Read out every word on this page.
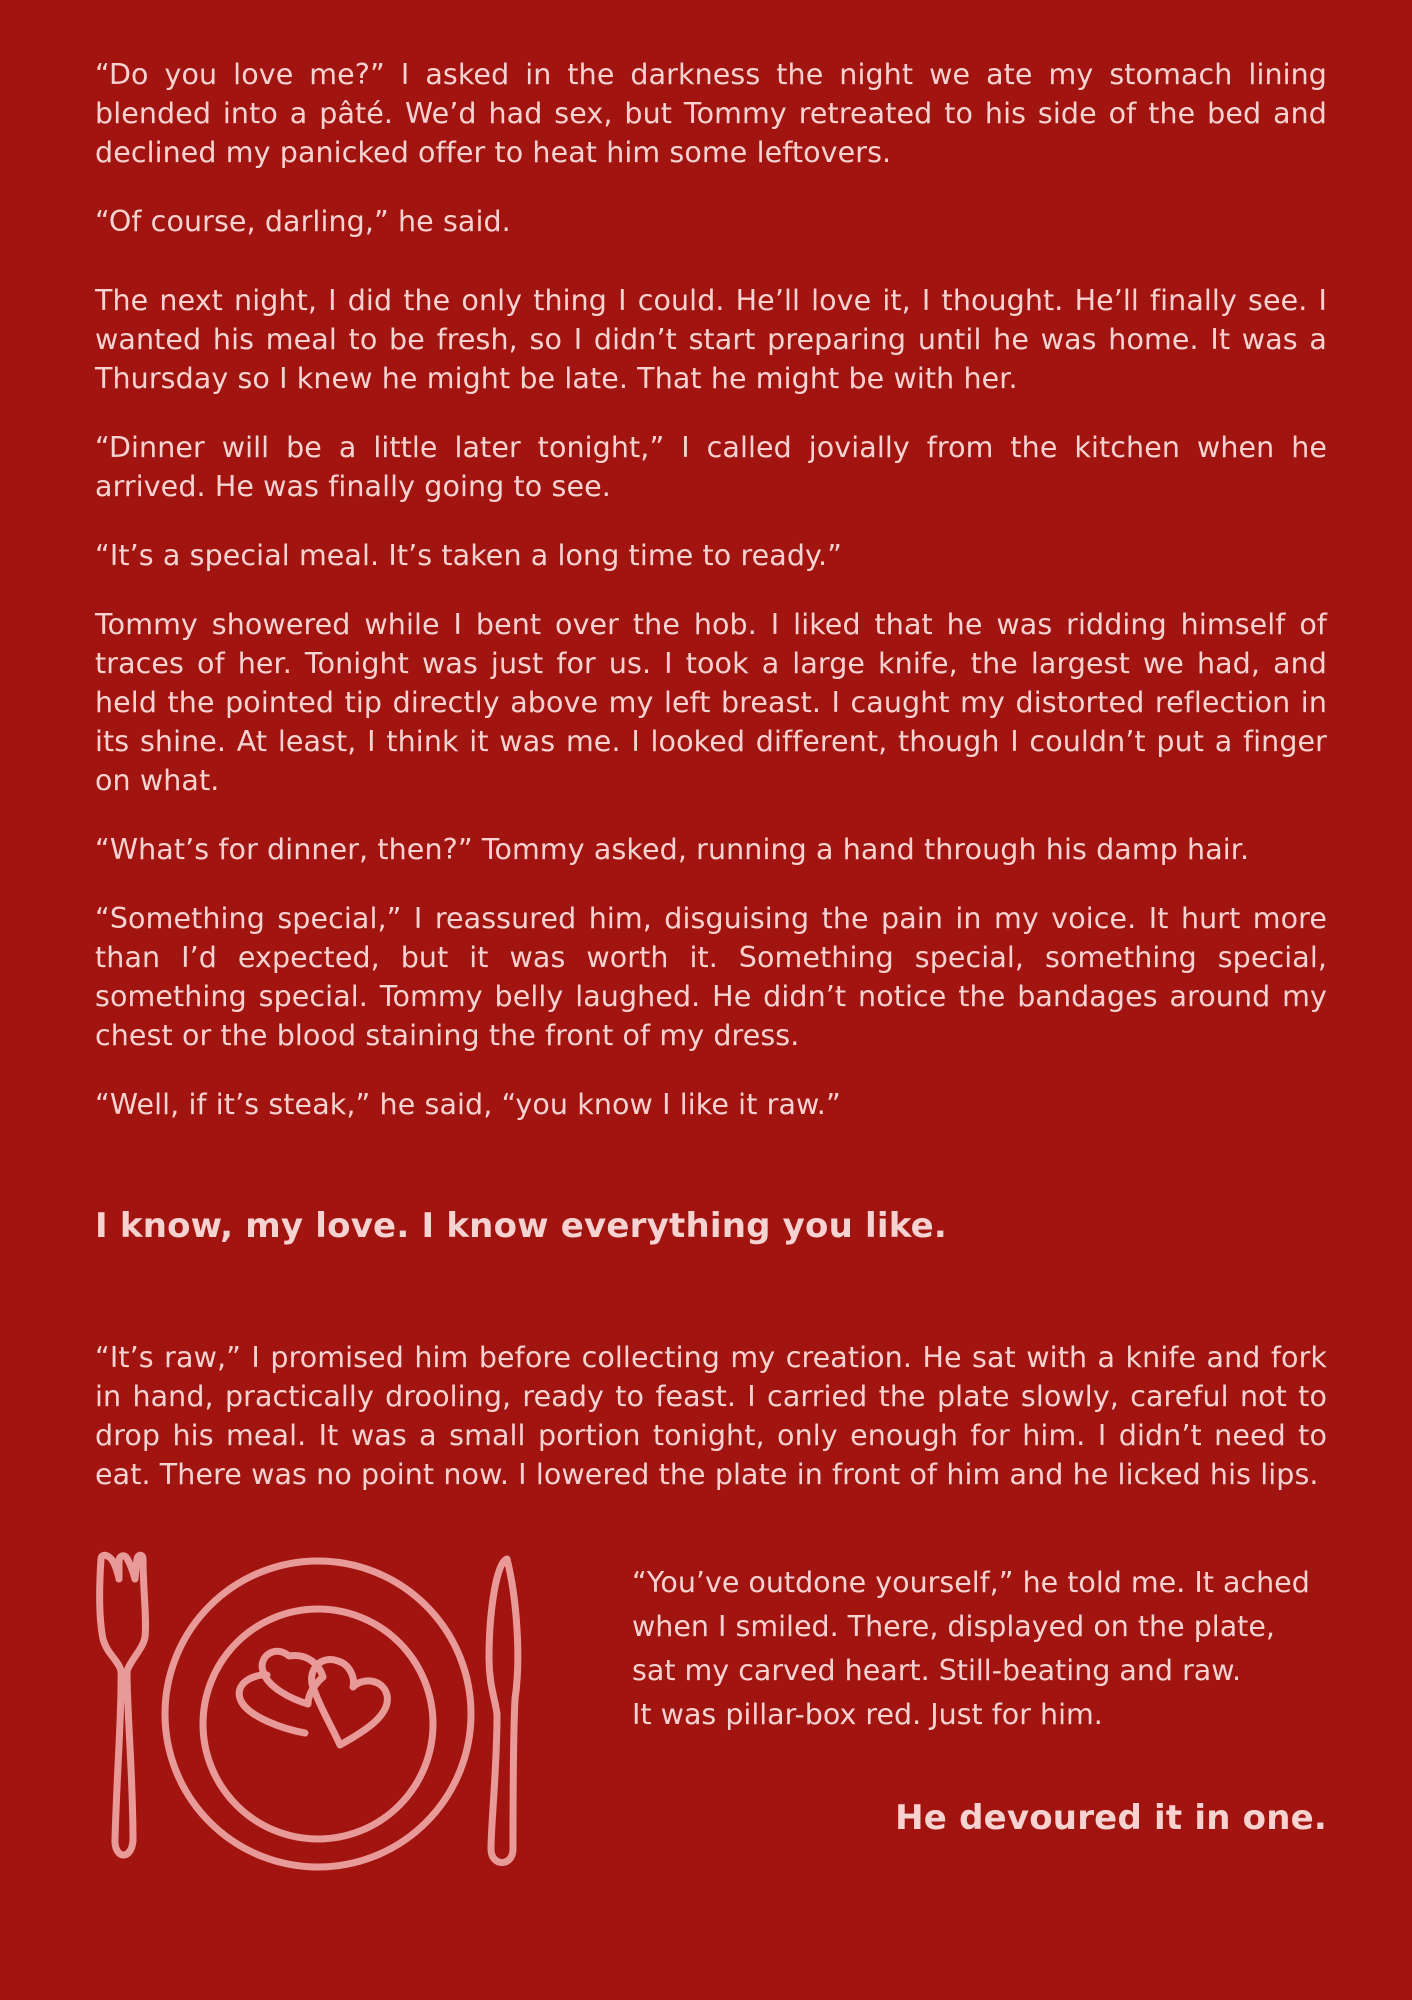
“Do you love me?” I asked in the darkness the night we ate my stomach lining blended into a pâté. We’d had sex, but Tommy retreated to his side of the bed and declined my panicked offer to heat him some leftovers.

“Of course, darling,” he said.

The next night, I did the only thing I could. He’ll love it, I thought. He’ll finally see. I wanted his meal to be fresh, so I didn’t start preparing until he was home. It was a Thursday so I knew he might be late. That he might be with her.

“Dinner will be a little later tonight,” I called jovially from the kitchen when he arrived. He was finally going to see.

“It’s a special meal. It’s taken a long time to ready.”

Tommy showered while I bent over the hob. I liked that he was ridding himself of traces of her. Tonight was just for us. I took a large knife, the largest we had, and held the pointed tip directly above my left breast. I caught my distorted reflection in its shine. At least, I think it was me. I looked different, though I couldn’t put a finger on what.

“What’s for dinner, then?” Tommy asked, running a hand through his damp hair.

“Something special,” I reassured him, disguising the pain in my voice. It hurt more than I’d expected, but it was worth it. Something special, something special, something special. Tommy belly laughed. He didn’t notice the bandages around my chest or the blood staining the front of my dress.

“Well, if it’s steak,” he said, “you know I like it raw.”

I know, my love. I know everything you like.

“It’s raw,” I promised him before collecting my creation. He sat with a knife and fork in hand, practically drooling, ready to feast. I carried the plate slowly, careful not to drop his meal. It was a small portion tonight, only enough for him. I didn’t need to eat. There was no point now. I lowered the plate in front of him and he licked his lips.

“You’ve outdone yourself,” he told me. It ached
when I smiled. There, displayed on the plate,
sat my carved heart. Still-beating and raw.
It was pillar-box red. Just for him.
He devoured it in one.
